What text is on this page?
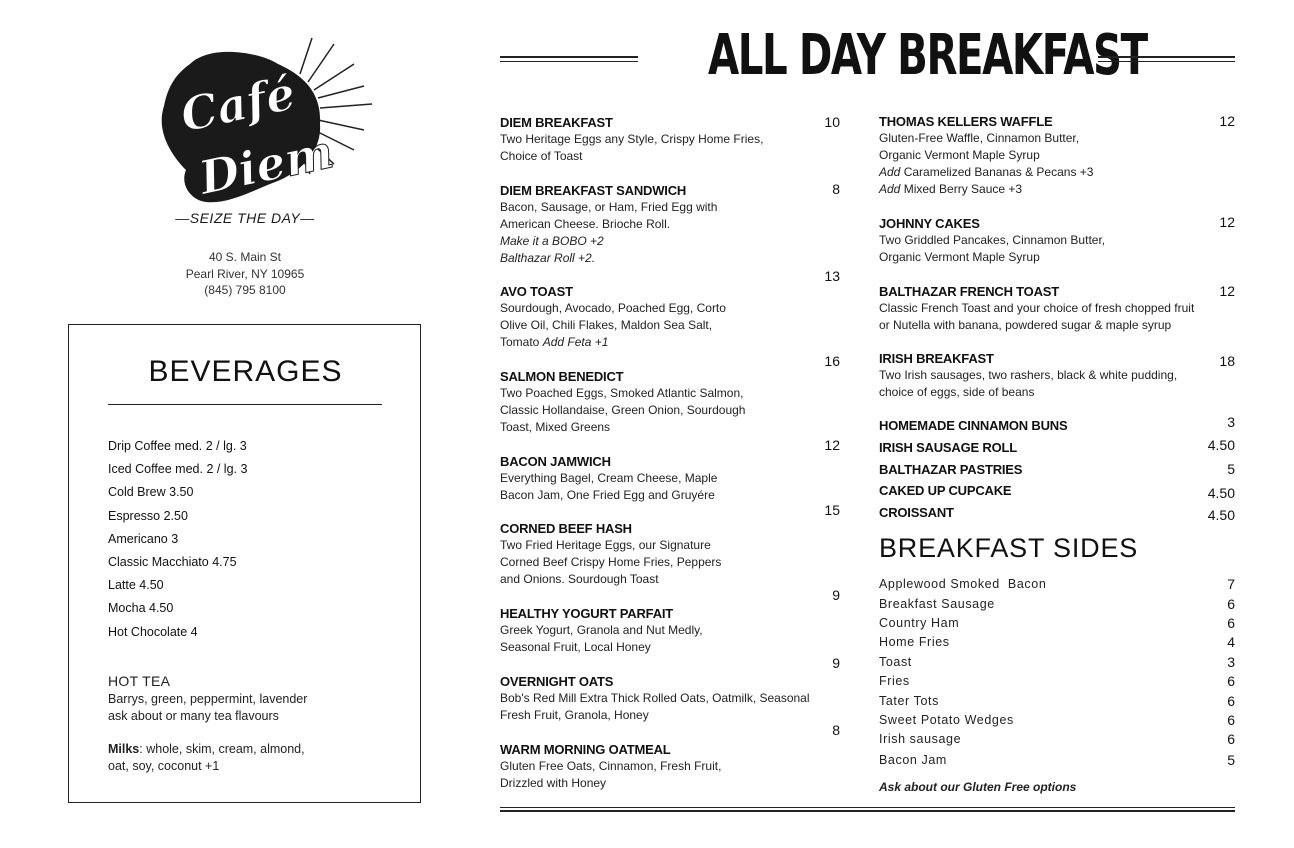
Café
Diem
—SEIZE THE DAY—
40 S. Main St
Pearl River, NY 10965
(845) 795 8100
BEVERAGES
Drip Coffee med. 2 / lg. 3
Iced Coffee med. 2 / lg. 3
Cold Brew 3.50
Espresso 2.50
Americano 3
Classic Macchiato 4.75
Latte 4.50
Mocha 4.50
Hot Chocolate 4
HOT TEA
Barrys, green, peppermint, lavender
ask about or many tea flavours
Milks: whole, skim, cream, almond,
oat, soy, coconut +1
ALL DAY BREAKFAST
DIEM BREAKFAST
Two Heritage Eggs any Style, Crispy Home Fries,
Choice of Toast
10
DIEM BREAKFAST SANDWICH
Bacon, Sausage, or Ham, Fried Egg with
American Cheese. Brioche Roll.
Make it a BOBO +2
Balthazar Roll +2.
8
AVO TOAST
Sourdough, Avocado, Poached Egg, Corto
Olive Oil, Chili Flakes, Maldon Sea Salt,
Tomato Add Feta +1
13
SALMON BENEDICT
Two Poached Eggs, Smoked Atlantic Salmon,
Classic Hollandaise, Green Onion, Sourdough
Toast, Mixed Greens
16
BACON JAMWICH
Everything Bagel, Cream Cheese, Maple
Bacon Jam, One Fried Egg and Gruyére
12
CORNED BEEF HASH
Two Fried Heritage Eggs, our Signature
Corned Beef Crispy Home Fries, Peppers
and Onions. Sourdough Toast
15
HEALTHY YOGURT PARFAIT
Greek Yogurt, Granola and Nut Medly,
Seasonal Fruit, Local Honey
9
OVERNIGHT OATS
Bob's Red Mill Extra Thick Rolled Oats, Oatmilk, Seasonal
Fresh Fruit, Granola, Honey
9
WARM MORNING OATMEAL
Gluten Free Oats, Cinnamon, Fresh Fruit,
Drizzled with Honey
8
THOMAS KELLERS WAFFLE
Gluten-Free Waffle, Cinnamon Butter,
Organic Vermont Maple Syrup
Add Caramelized Bananas & Pecans +3
Add Mixed Berry Sauce +3
12
JOHNNY CAKES
Two Griddled Pancakes, Cinnamon Butter,
Organic Vermont Maple Syrup
12
BALTHAZAR FRENCH TOAST
Classic French Toast and your choice of fresh chopped fruit
or Nutella with banana, powdered sugar & maple syrup
12
IRISH BREAKFAST
Two Irish sausages, two rashers, black & white pudding,
choice of eggs, side of beans
18
HOMEMADE CINNAMON BUNS	3
IRISH SAUSAGE ROLL	4.50
BALTHAZAR PASTRIES	5
CAKED UP CUPCAKE	4.50
CROISSANT	4.50
BREAKFAST SIDES
Applewood Smoked  Bacon	7
Breakfast Sausage	6
Country Ham	6
Home Fries	4
Toast	3
Fries	6
Tater Tots	6
Sweet Potato Wedges	6
Irish sausage	6
Bacon Jam	5
Ask about our Gluten Free options
